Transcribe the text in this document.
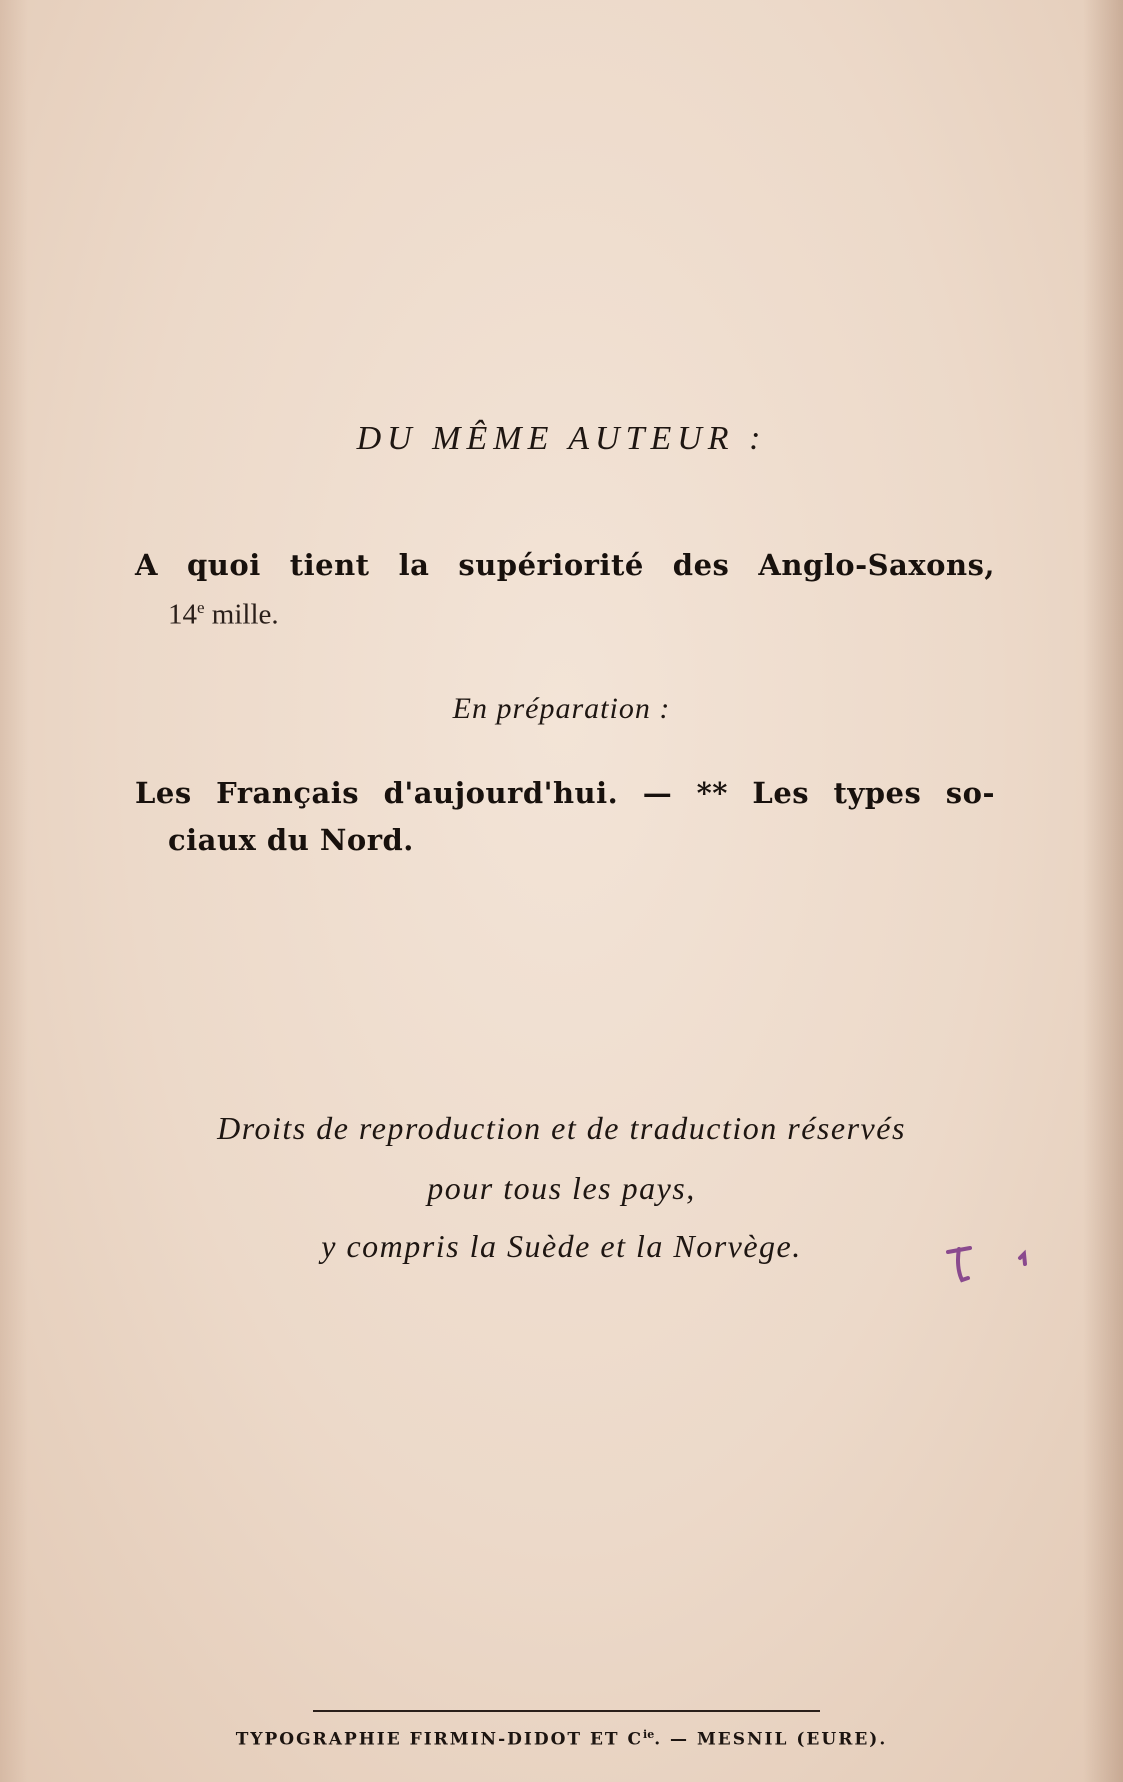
DU MÊME AUTEUR :
A quoi tient la supériorité des Anglo-Saxons,
14e mille.
En préparation :
Les Français d'aujourd'hui. — ** Les types so-
ciaux du Nord.
Droits de reproduction et de traduction réservés
pour tous les pays,
y compris la Suède et la Norvège.
TYPOGRAPHIE FIRMIN-DIDOT ET $C^{ie}$. — MESNIL (EURE).
